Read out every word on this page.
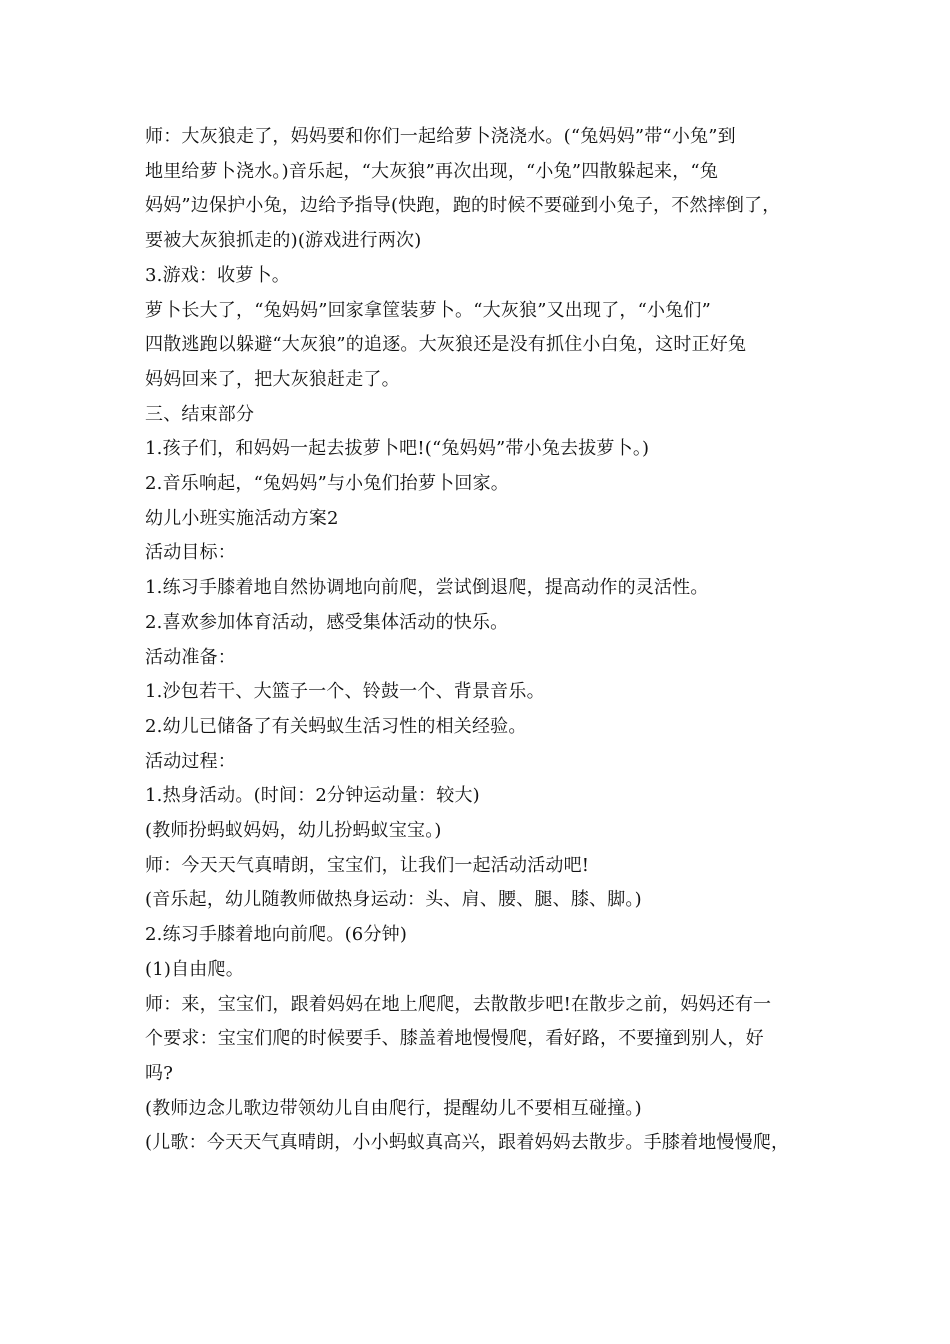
师：大灰狼走了，妈妈要和你们一起给萝卜浇浇水。(“兔妈妈”带“小兔”到
地里给萝卜浇水。)音乐起，“大灰狼”再次出现，“小兔”四散躲起来，“兔
妈妈”边保护小兔，边给予指导(快跑，跑的时候不要碰到小兔子，不然摔倒了，
要被大灰狼抓走的)(游戏进行两次)
3.游戏：收萝卜。
萝卜长大了，“兔妈妈”回家拿筐装萝卜。“大灰狼”又出现了，“小兔们”
四散逃跑以躲避“大灰狼”的追逐。大灰狼还是没有抓住小白兔，这时正好兔
妈妈回来了，把大灰狼赶走了。
三、结束部分
1.孩子们，和妈妈一起去拔萝卜吧!(“兔妈妈”带小兔去拔萝卜。)
2.音乐响起，“兔妈妈”与小兔们抬萝卜回家。
幼儿小班实施活动方案2
活动目标：
1.练习手膝着地自然协调地向前爬，尝试倒退爬，提高动作的灵活性。
2.喜欢参加体育活动，感受集体活动的快乐。
活动准备：
1.沙包若干、大篮子一个、铃鼓一个、背景音乐。
2.幼儿已储备了有关蚂蚁生活习性的相关经验。
活动过程：
1.热身活动。(时间：2分钟运动量：较大)
(教师扮蚂蚁妈妈，幼儿扮蚂蚁宝宝。)
师：今天天气真晴朗，宝宝们，让我们一起活动活动吧!
(音乐起，幼儿随教师做热身运动：头、肩、腰、腿、膝、脚。)
2.练习手膝着地向前爬。(6分钟)
(1)自由爬。
师：来，宝宝们，跟着妈妈在地上爬爬，去散散步吧!在散步之前，妈妈还有一
个要求：宝宝们爬的时候要手、膝盖着地慢慢爬，看好路，不要撞到别人，好
吗?
(教师边念儿歌边带领幼儿自由爬行，提醒幼儿不要相互碰撞。)
(儿歌：今天天气真晴朗，小小蚂蚁真高兴，跟着妈妈去散步。手膝着地慢慢爬，
